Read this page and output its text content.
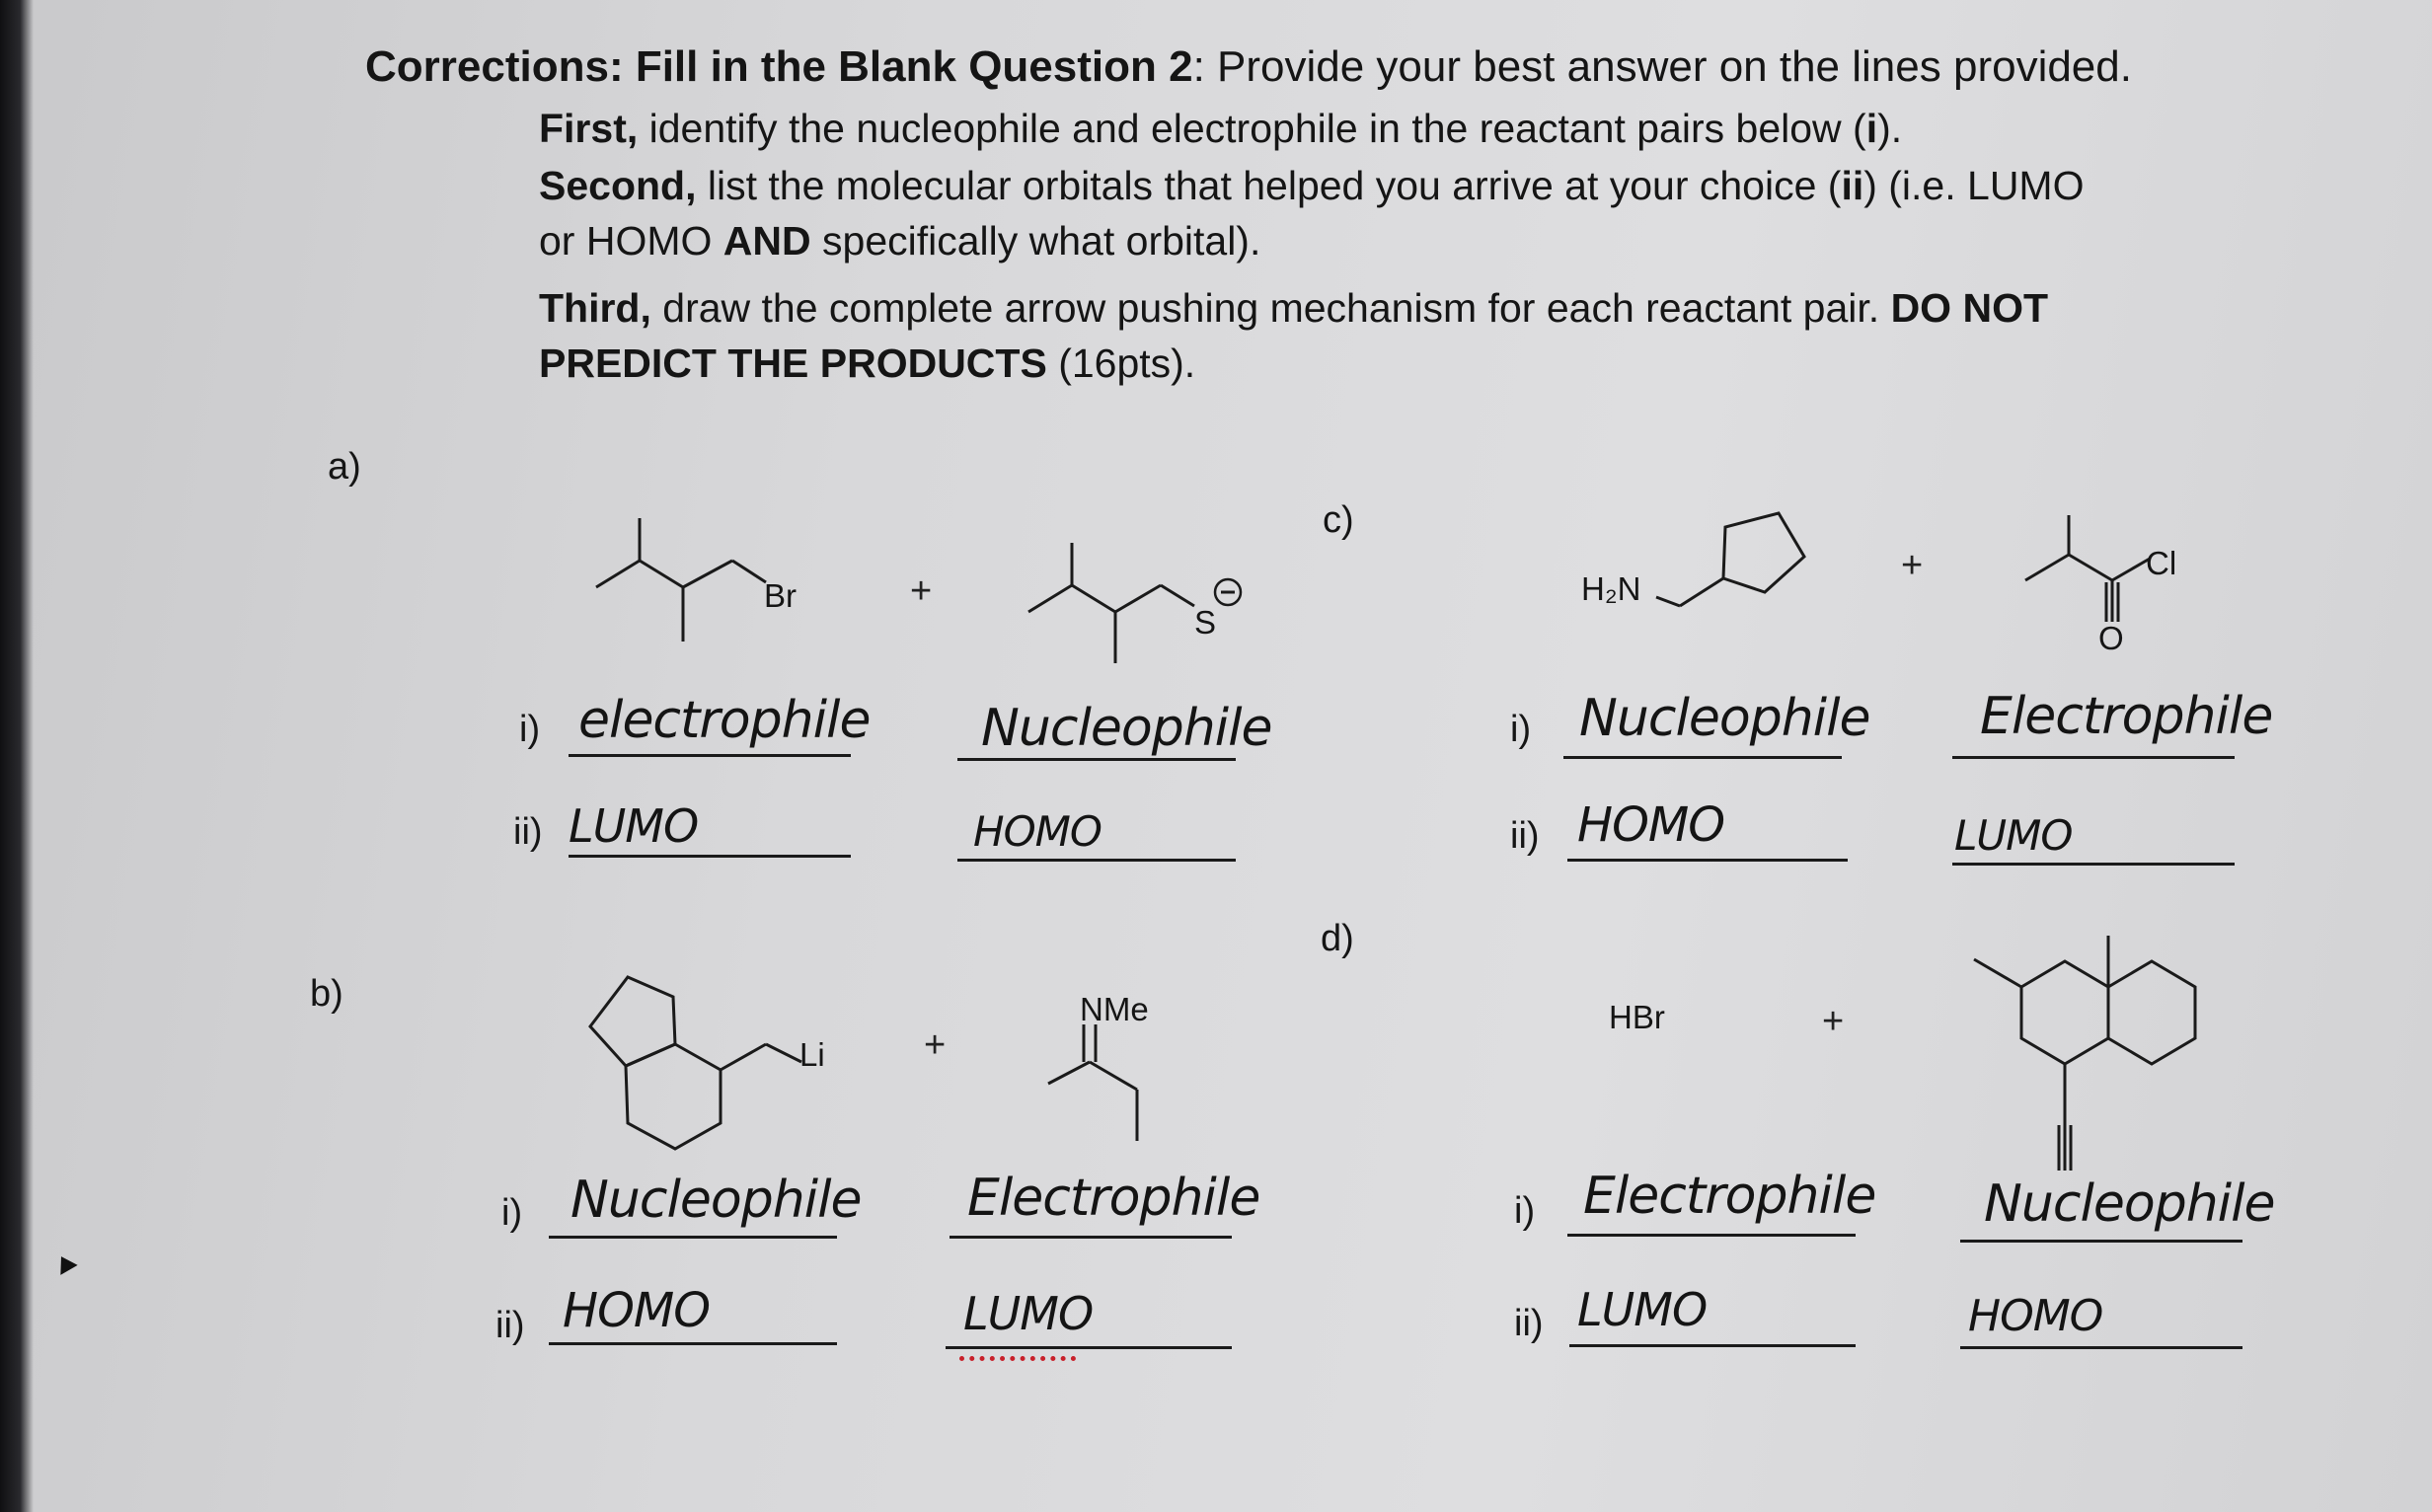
Corrections: Fill in the Blank Question 2: Provide your best answer on the lines provided.
First, identify the nucleophile and electrophile in the reactant pairs below (i).
Second, list the molecular orbitals that helped you arrive at your choice (ii) (i.e. LUMO
or HOMO AND specifically what orbital).
Third, draw the complete arrow pushing mechanism for each reactant pair. DO NOT
PREDICT THE PRODUCTS (16pts).
a)
Br	+
S
i) electrophile Nucleophile
ii) LUMO	HOMO
c)
H₂N
+	Cl
O
i) Nucleophile Electrophile
ii) HOMO	LUMO
b)
Li	+
NMe
i) Nucleophile Electrophile
ii) HOMO	LUMO
d)
HBr	+
i) Electrophile Nucleophile
ii) LUMO	HOMO
